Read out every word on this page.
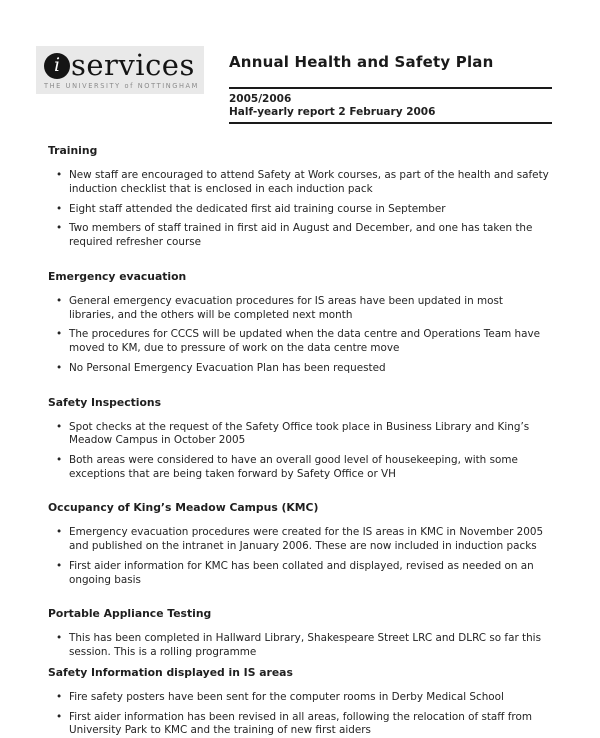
i services
THE UNIVERSITY of NOTTINGHAM
Annual Health and Safety Plan
2005/2006
Half-yearly report 2 February 2006
Training
• New staff are encouraged to attend Safety at Work courses, as part of the health and safety induction checklist that is enclosed in each induction pack
• Eight staff attended the dedicated first aid training course in September
• Two members of staff trained in first aid in August and December, and one has taken the required refresher course
Emergency evacuation
• General emergency evacuation procedures for IS areas have been updated in most libraries, and the others will be completed next month
• The procedures for CCCS will be updated when the data centre and Operations Team have moved to KM, due to pressure of work on the data centre move
• No Personal Emergency Evacuation Plan has been requested
Safety Inspections
• Spot checks at the request of the Safety Office took place in Business Library and King’s Meadow Campus in October 2005
• Both areas were considered to have an overall good level of housekeeping, with some exceptions that are being taken forward by Safety Office or VH
Occupancy of King’s Meadow Campus (KMC)
• Emergency evacuation procedures were created for the IS areas in KMC in November 2005 and published on the intranet in January 2006. These are now included in induction packs
• First aider information for KMC has been collated and displayed, revised as needed on an ongoing basis
Portable Appliance Testing
• This has been completed in Hallward Library, Shakespeare Street LRC and DLRC so far this session. This is a rolling programme
Safety Information displayed in IS areas
• Fire safety posters have been sent for the computer rooms in Derby Medical School
• First aider information has been revised in all areas, following the relocation of staff from University Park to KMC and the training of new first aiders
